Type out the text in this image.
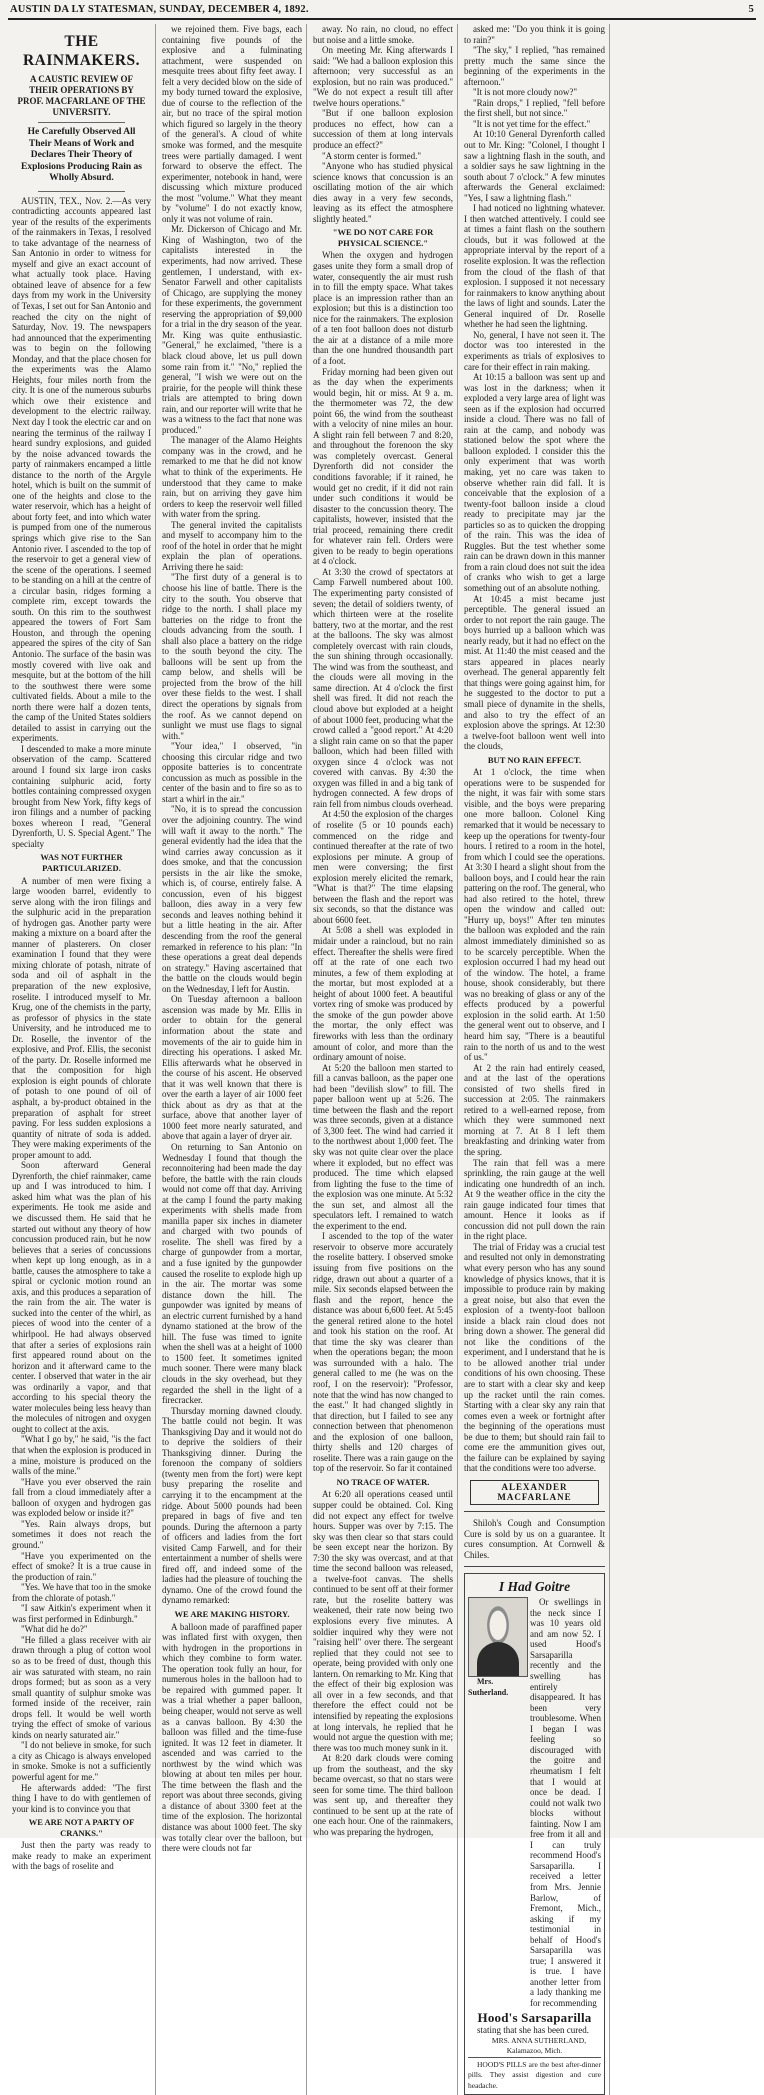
AUSTIN DA LY STATESMAN, SUNDAY, DECEMBER 4, 1892.	5
THE RAINMAKERS.
A CAUSTIC REVIEW OF THEIR OPERATIONS BY PROF. MACFARLANE OF THE UNIVERSITY.
He Carefully Observed All Their Means of Work and Declares Their Theory of Explosions Producing Rain as Wholly Absurd.

AUSTIN, TEX., Nov. 2.—As very contradicting accounts appeared last year of the results of the experiments of the rainmakers in Texas, I resolved to take advantage of the nearness of San Antonio in order to witness for myself and give an exact account of what actually took place. Having obtained leave of absence for a few days from my work in the University of Texas, I set out for San Antonio and reached the city on the night of Saturday, Nov. 19. The newspapers had announced that the experimenting was to begin on the following Monday, and that the place chosen for the experiments was the Alamo Heights, four miles north from the city. It is one of the numerous suburbs which owe their existence and development to the electric railway. Next day I took the electric car and on nearing the terminus of the railway I heard sundry explosions, and guided by the noise advanced towards the party of rainmakers encamped a little distance to the north of the Argyle hotel, which is built on the summit of one of the heights and close to the water reservoir, which has a height of about forty feet, and into which water is pumped from one of the numerous springs which give rise to the San Antonio river. I ascended to the top of the reservoir to get a general view of the scene of the operations. I seemed to be standing on a hill at the centre of a circular basin, ridges forming a complete rim, except towards the south. On this rim to the southwest appeared the towers of Fort Sam Houston, and through the opening appeared the spires of the city of San Antonio. The surface of the basin was mostly covered with live oak and mesquite, but at the bottom of the hill to the southwest there were some cultivated fields. About a mile to the north there were half a dozen tents, the camp of the United States soldiers detailed to assist in carrying out the experiments.

I descended to make a more minute observation of the camp. Scattered around I found six large iron casks containing sulphuric acid, forty bottles containing compressed oxygen brought from New York, fifty kegs of iron filings and a number of packing boxes whereon I read, "General Dyrenforth, U. S. Special Agent." The specialty

WAS NOT FURTHER PARTICULARIZED.

A number of men were fixing a large wooden barrel, evidently to serve along with the iron filings and the sulphuric acid in the preparation of hydrogen gas. Another party were making a mixture on a board after the manner of plasterers. On closer examination I found that they were mixing chlorate of potash, nitrate of soda and oil of asphalt in the preparation of the new explosive, roselite. I introduced myself to Mr. Krug, one of the chemists in the party, as professor of physics in the state University, and he introduced me to Dr. Roselle, the inventor of the explosive, and Prof. Ellis, the seconist of the party. Dr. Roselle informed me that the composition for high explosion is eight pounds of chlorate of potash to one pound of oil of asphalt, a by-product obtained in the preparation of asphalt for street paving. For less sudden explosions a quantity of nitrate of soda is added. They were making experiments of the proper amount to add.

Soon afterward General Dyrenforth, the chief rainmaker, came up and I was introduced to him. I asked him what was the plan of his experiments. He took me aside and we discussed them. He said that he started out without any theory of how concussion produced rain, but he now believes that a series of concussions when kept up long enough, as in a battle, causes the atmosphere to take a spiral or cyclonic motion round an axis, and this produces a separation of the rain from the air. The water is sucked into the center of the whirl, as pieces of wood into the center of a whirlpool. He had always observed that after a series of explosions rain first appeared round about on the horizon and it afterward came to the center. I observed that water in the air was ordinarily a vapor, and that according to his special theory the water molecules being less heavy than the molecules of nitrogen and oxygen ought to collect at the axis.

"What I go by," he said, "is the fact that when the explosion is produced in a mine, moisture is produced on the walls of the mine."

"Have you ever observed the rain fall from a cloud immediately after a balloon of oxygen and hydrogen gas was exploded below or inside it?"

"Yes. Rain always drops, but sometimes it does not reach the ground."

"Have you experimented on the effect of smoke? It is a true cause in the production of rain."

"Yes. We have that too in the smoke from the chlorate of potash."

"I saw Aitkin's experiment when it was first performed in Edinburgh."

"What did he do?"

"He filled a glass receiver with air drawn through a plug of cotton wool so as to be freed of dust, though this air was saturated with steam, no rain drops formed; but as soon as a very small quantity of sulphur smoke was formed inside of the receiver, rain drops fell. It would be well worth trying the effect of smoke of various kinds on nearly saturated air."

"I do not believe in smoke, for such a city as Chicago is always enveloped in smoke. Smoke is not a sufficiently powerful agent for me."

He afterwards added: "The first thing I have to do with gentlemen of your kind is to convince you that

WE ARE NOT A PARTY OF CRANKS."

Just then the party was ready to make ready to make an experiment with the bags of roselite and

we rejoined them. Five bags, each containing five pounds of the explosive and a fulminating attachment, were suspended on mesquite trees about fifty feet away. I felt a very decided blow on the side of my body turned toward the explosive, due of course to the reflection of the air, but no trace of the spiral motion which figured so largely in the theory of the general's. A cloud of white smoke was formed, and the mesquite trees were partially damaged. I went forward to observe the effect. The experimenter, notebook in hand, were discussing which mixture produced the most "volume." What they meant by "volume" I do not exactly know, only it was not volume of rain.

Mr. Dickerson of Chicago and Mr. King of Washington, two of the capitalists interested in the experiments, had now arrived. These gentlemen, I understand, with ex-Senator Farwell and other capitalists of Chicago, are supplying the money for these experiments, the government reserving the appropriation of $9,000 for a trial in the dry season of the year. Mr. King was quite enthusiastic. "General," he exclaimed, "there is a black cloud above, let us pull down some rain from it." "No," replied the general, "I wish we were out on the prairie, for the people will think these trials are attempted to bring down rain, and our reporter will write that he was a witness to the fact that none was produced."

The manager of the Alamo Heights company was in the crowd, and he remarked to me that he did not know what to think of the experiments. He understood that they came to make rain, but on arriving they gave him orders to keep the reservoir well filled with water from the spring.

The general invited the capitalists and myself to accompany him to the roof of the hotel in order that he might explain the plan of operations. Arriving there he said:

"The first duty of a general is to choose his line of battle. There is the city to the south. You observe that ridge to the north. I shall place my batteries on the ridge to front the clouds advancing from the south. I shall also place a battery on the ridge to the south beyond the city. The balloons will be sent up from the camp below, and shells will be projected from the brow of the hill over these fields to the west. I shall direct the operations by signals from the roof. As we cannot depend on sunlight we must use flags to signal with."

"Your idea," I observed, "in choosing this circular ridge and two opposite batteries is to concentrate concussion as much as possible in the center of the basin and to fire so as to start a whirl in the air."

"No, it is to spread the concussion over the adjoining country. The wind will waft it away to the north." The general evidently had the idea that the wind carries away concussion as it does smoke, and that the concussion persists in the air like the smoke, which is, of course, entirely false. A concussion, even of his biggest balloon, dies away in a very few seconds and leaves nothing behind it but a little heating in the air. After descending from the roof the general remarked in reference to his plan: "In these operations a great deal depends on strategy." Having ascertained that the battle on the clouds would begin on the Wednesday, I left for Austin.

On Tuesday afternoon a balloon ascension was made by Mr. Ellis in order to obtain for the general information about the state and movements of the air to guide him in directing his operations. I asked Mr. Ellis afterwards what he observed in the course of his ascent. He observed that it was well known that there is over the earth a layer of air 1000 feet thick about as dry as that at the surface, above that another layer of 1000 feet more nearly saturated, and above that again a layer of dryer air.

On returning to San Antonio on Wednesday I found that though the reconnoitering had been made the day before, the battle with the rain clouds would not come off that day. Arriving at the camp I found the party making experiments with shells made from manilla paper six inches in diameter and charged with two pounds of roselite. The shell was fired by a charge of gunpowder from a mortar, and a fuse ignited by the gunpowder caused the roselite to explode high up in the air. The mortar was some distance down the hill. The gunpowder was ignited by means of an electric current furnished by a hand dynamo stationed at the brow of the hill. The fuse was timed to ignite when the shell was at a height of 1000 to 1500 feet. It sometimes ignited much sooner. There were many black clouds in the sky overhead, but they regarded the shell in the light of a firecracker.

Thursday morning dawned cloudy. The battle could not begin. It was Thanksgiving Day and it would not do to deprive the soldiers of their Thanksgiving dinner. During the forenoon the company of soldiers (twenty men from the fort) were kept busy preparing the roselite and carrying it to the encampment at the ridge. About 5000 pounds had been prepared in bags of five and ten pounds. During the afternoon a party of officers and ladies from the fort visited Camp Farwell, and for their entertainment a number of shells were fired off, and indeed some of the ladies had the pleasure of touching the dynamo. One of the crowd found the dynamo remarked:

WE ARE MAKING HISTORY.

A balloon made of paraffined paper was inflated first with oxygen, then with hydrogen in the proportions in which they combine to form water. The operation took fully an hour, for numerous holes in the balloon had to be repaired with gummed paper. It was a trial whether a paper balloon, being cheaper, would not serve as well as a canvas balloon. By 4:30 the balloon was filled and the time-fuse ignited. It was 12 feet in diameter. It ascended and was carried to the northwest by the wind which was blowing at about ten miles per hour. The time between the flash and the report was about three seconds, giving a distance of about 3300 feet at the time of the explosion. The horizontal distance was about 1000 feet. The sky was totally clear over the balloon, but there were clouds not far

away. No rain, no cloud, no effect but noise and a little smoke.

On meeting Mr. King afterwards I said: "We had a balloon explosion this afternoon; very successful as an explosion, but no rain was produced." "We do not expect a result till after twelve hours operations."

"But if one balloon explosion produces no effect, how can a succession of them at long intervals produce an effect?"

"A storm center is formed."

"Anyone who has studied physical science knows that concussion is an oscillating motion of the air which dies away in a very few seconds, leaving as its effect the atmosphere slightly heated."

"WE DO NOT CARE FOR PHYSICAL SCIENCE."

When the oxygen and hydrogen gases unite they form a small drop of water, consequently the air must rush in to fill the empty space. What takes place is an impression rather than an explosion; but this is a distinction too nice for the rainmakers. The explosion of a ten foot balloon does not disturb the air at a distance of a mile more than the one hundred thousandth part of a foot.

Friday morning had been given out as the day when the experiments would begin, hit or miss. At 9 a. m. the thermometer was 72, the dew point 66, the wind from the southeast with a velocity of nine miles an hour. A slight rain fell between 7 and 8:20, and throughout the forenoon the sky was completely overcast. General Dyrenforth did not consider the conditions favorable; if it rained, he would get no credit, if it did not rain under such conditions it would be disaster to the concussion theory. The capitalists, however, insisted that the trial proceed, remaining there credit for whatever rain fell. Orders were given to be ready to begin operations at 4 o'clock.

At 3:30 the crowd of spectators at Camp Farwell numbered about 100. The experimenting party consisted of seven; the detail of soldiers twenty, of which thirteen were at the roselite battery, two at the mortar, and the rest at the balloons. The sky was almost completely overcast with rain clouds, the sun shining through occasionally. The wind was from the southeast, and the clouds were all moving in the same direction. At 4 o'clock the first shell was fired. It did not reach the cloud above but exploded at a height of about 1000 feet, producing what the crowd called a "good report." At 4:20 a slight rain came on so that the paper balloon, which had been filled with oxygen since 4 o'clock was not covered with canvas. By 4:30 the oxygen was filled in and a big tank of hydrogen connected. A few drops of rain fell from nimbus clouds overhead.

At 4:50 the explosion of the charges of roselite (5 or 10 pounds each) commenced on the ridge and continued thereafter at the rate of two explosions per minute. A group of men were conversing; the first explosion merely elicited the remark, "What is that?" The time elapsing between the flash and the report was six seconds, so that the distance was about 6600 feet.

At 5:08 a shell was exploded in midair under a raincloud, but no rain effect. Thereafter the shells were fired off at the rate of one each two minutes, a few of them exploding at the mortar, but most exploded at a height of about 1000 feet. A beautiful vortex ring of smoke was produced by the smoke of the gun powder above the mortar, the only effect was fireworks with less than the ordinary amount of color, and more than the ordinary amount of noise.

At 5:20 the balloon men started to fill a canvas balloon, as the paper one had been "devilish slow" to fill. The paper balloon went up at 5:26. The time between the flash and the report was three seconds, given at a distance of 3,300 feet. The wind had carried it to the northwest about 1,000 feet. The sky was not quite clear over the place where it exploded, but no effect was produced. The time which elapsed from lighting the fuse to the time of the explosion was one minute. At 5:32 the sun set, and almost all the speculators left. I remained to watch the experiment to the end.

I ascended to the top of the water reservoir to observe more accurately the roselite battery. I observed smoke issuing from five positions on the ridge, drawn out about a quarter of a mile. Six seconds elapsed between the flash and the report, hence the distance was about 6,600 feet. At 5:45 the general retired alone to the hotel and took his station on the roof. At that time the sky was clearer than when the operations began; the moon was surrounded with a halo. The general called to me (he was on the roof, I on the reservoir): "Professor, note that the wind has now changed to the east." It had changed slightly in that direction, but I failed to see any connection between that phenomenon and the explosion of one balloon, thirty shells and 120 charges of roselite. There was a rain gauge on the top of the reservoir. So far it contained

NO TRACE OF WATER.

At 6:20 all operations ceased until supper could be obtained. Col. King did not expect any effect for twelve hours. Supper was over by 7:15. The sky was then clear so that stars could be seen except near the horizon. By 7:30 the sky was overcast, and at that time the second balloon was released, a twelve-foot canvas. The shells continued to be sent off at their former rate, but the roselite battery was weakened, their rate now being two explosions every five minutes. A soldier inquired why they were not "raising hell" over there. The sergeant replied that they could not see to operate, being provided with only one lantern. On remarking to Mr. King that the effect of their big explosion was all over in a few seconds, and that therefore the effect could not be intensified by repeating the explosions at long intervals, he replied that he would not argue the question with me; there was too much money sunk in it.

At 8:20 dark clouds were coming up from the southeast, and the sky became overcast, so that no stars were seen for some time. The third balloon was sent up, and thereafter they continued to be sent up at the rate of one each hour. One of the rainmakers, who was preparing the hydrogen,

asked me: "Do you think it is going to rain?"

"The sky," I replied, "has remained pretty much the same since the beginning of the experiments in the afternoon."

"It is not more cloudy now?"

"Rain drops," I replied, "fell before the first shell, but not since."

"It is not yet time for the effect."

At 10:10 General Dyrenforth called out to Mr. King: "Colonel, I thought I saw a lightning flash in the south, and a soldier says he saw lightning in the south about 7 o'clock." A few minutes afterwards the General exclaimed: "Yes, I saw a lightning flash."

I had noticed no lightning whatever. I then watched attentively. I could see at times a faint flash on the southern clouds, but it was followed at the appropriate interval by the report of a roselite explosion. It was the reflection from the cloud of the flash of that explosion. I supposed it not necessary for rainmakers to know anything about the laws of light and sounds. Later the General inquired of Dr. Roselle whether he had seen the lightning.

No, general, I have not seen it. The doctor was too interested in the experiments as trials of explosives to care for their effect in rain making.

At 10:15 a balloon was sent up and was lost in the darkness; when it exploded a very large area of light was seen as if the explosion had occurred inside a cloud. There was no fall of rain at the camp, and nobody was stationed below the spot where the balloon exploded. I consider this the only experiment that was worth making, yet no care was taken to observe whether rain did fall. It is conceivable that the explosion of a twenty-foot balloon inside a cloud ready to precipitate may jar the particles so as to quicken the dropping of the rain. This was the idea of Ruggles. But the test whether some rain can be drawn down in this manner from a rain cloud does not suit the idea of cranks who wish to get a large something out of an absolute nothing.

At 10:45 a mist became just perceptible. The general issued an order to not report the rain gauge. The boys hurried up a balloon which was nearly ready, but it had no effect on the mist. At 11:40 the mist ceased and the stars appeared in places nearly overhead. The general apparently felt that things were going against him, for he suggested to the doctor to put a small piece of dynamite in the shells, and also to try the effect of an explosion above the springs. At 12:30 a twelve-foot balloon went well into the clouds,

BUT NO RAIN EFFECT.

At 1 o'clock, the time when operations were to be suspended for the night, it was fair with some stars visible, and the boys were preparing one more balloon. Colonel King remarked that it would be necessary to keep up the operations for twenty-four hours. I retired to a room in the hotel, from which I could see the operations. At 3:30 I heard a slight shout from the balloon boys, and I could hear the rain pattering on the roof. The general, who had also retired to the hotel, threw open the window and called out: "Hurry up, boys!" After ten minutes the balloon was exploded and the rain almost immediately diminished so as to be scarcely perceptible. When the explosion occurred I had my head out of the window. The hotel, a frame house, shook considerably, but there was no breaking of glass or any of the effects produced by a powerful explosion in the solid earth. At 1:50 the general went out to observe, and I heard him say, "There is a beautiful rain to the north of us and to the west of us."

At 2 the rain had entirely ceased, and at the last of the operations consisted of two shells fired in succession at 2:05. The rainmakers retired to a well-earned repose, from which they were summoned next morning at 7. At 8 I left them breakfasting and drinking water from the spring.

The rain that fell was a mere sprinkling, the rain gauge at the well indicating one hundredth of an inch. At 9 the weather office in the city the rain gauge indicated four times that amount. Hence it looks as if concussion did not pull down the rain in the right place.

The trial of Friday was a crucial test and resulted not only in demonstrating what every person who has any sound knowledge of physics knows, that it is impossible to produce rain by making a great noise, but also that even the explosion of a twenty-foot balloon inside a black rain cloud does not bring down a shower. The general did not like the conditions of the experiment, and I understand that he is to be allowed another trial under conditions of his own choosing. These are to start with a clear sky and keep up the racket until the rain comes. Starting with a clear sky any rain that comes even a week or fortnight after the beginning of the operations must be due to them; but should rain fail to come ere the ammunition gives out, the failure can be explained by saying that the conditions were too adverse.

ALEXANDER MACFARLANE

Shiloh's Cough and Consumption Cure is sold by us on a guarantee. It cures consumption. At Cornwell & Chiles.

I Had Goitre

Mrs. Sutherland.

Or swellings in the neck since I was 10 years old and am now 52. I used Hood's Sarsaparilla recently and the swelling has entirely disappeared. It has been very troublesome. When I began I was feeling so discouraged with the goitre and rheumatism I felt that I would at once be dead. I could not walk two blocks without fainting. Now I am free from it all and I can truly recommend Hood's Sarsaparilla. I received a letter from Mrs. Jennie Barlow, of Fremont, Mich., asking if my testimonial in behalf of Hood's Sarsaparilla was true; I answered it is true. I have another letter from a lady thanking me for recommending

Hood's Sarsaparilla

stating that she has been cured.

MRS. ANNA SUTHERLAND, Kalamazoo, Mich.

HOOD'S PILLS are the best after-dinner pills. They assist digestion and cure headache.
